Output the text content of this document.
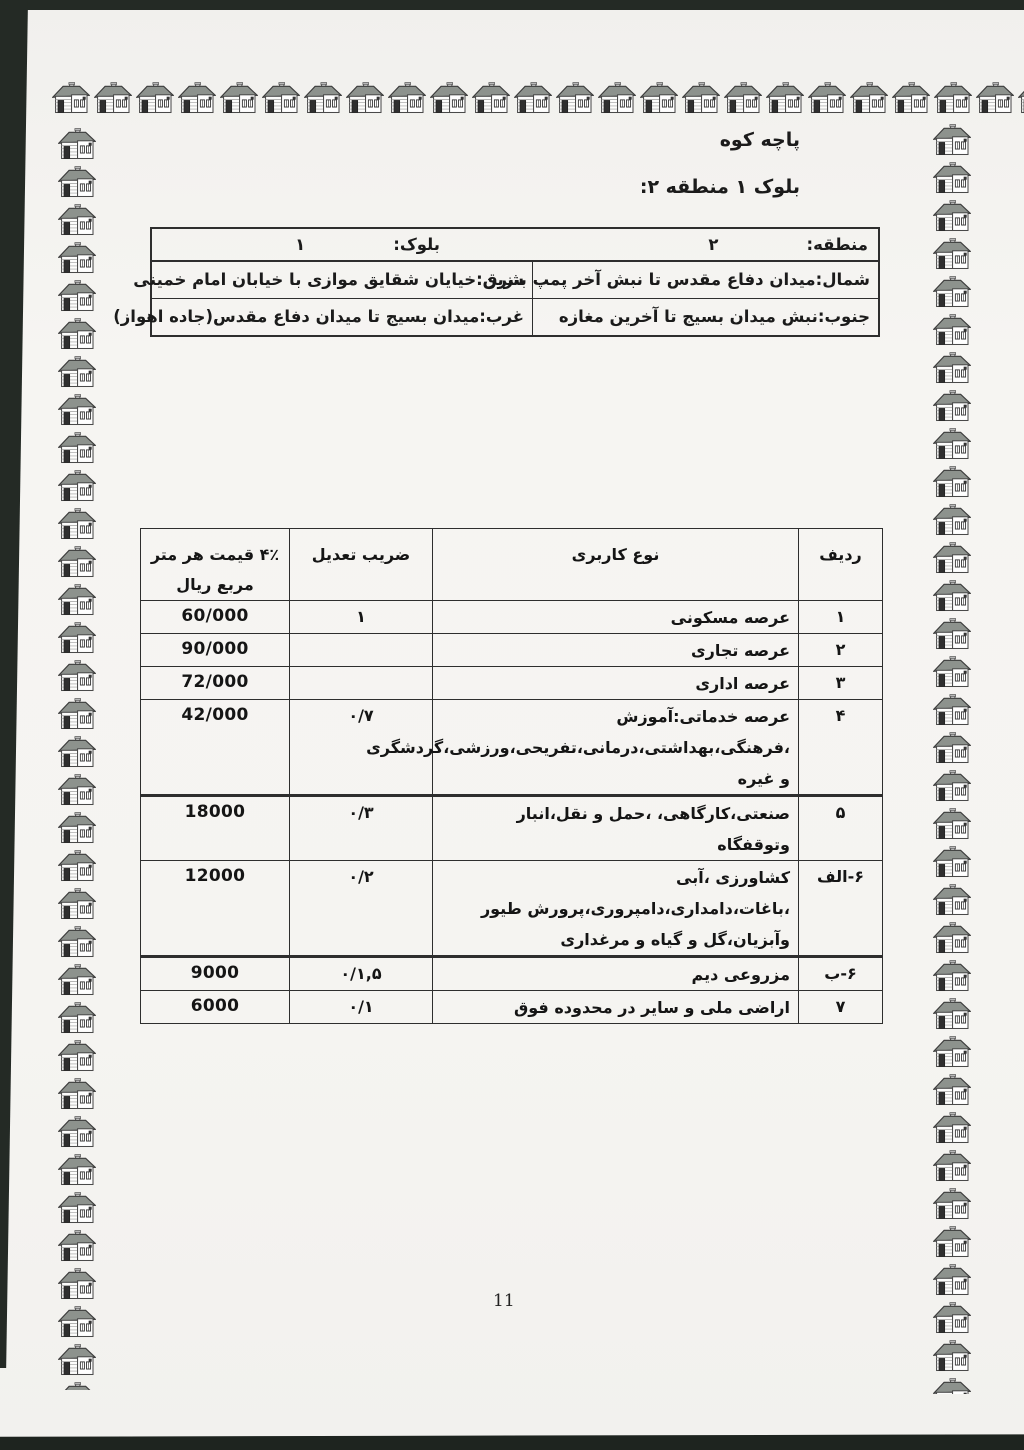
پاچه کوه
بلوک ۱ منطقه ۲:
منطقه:۲
بلوک:۱
شمال:میدان دفاع مقدس تا نبش آخر پمپ بنزین
شرق:خیایان شقایق موازی با خیابان امام خمینی
جنوب:نبش میدان بسیج تا آخرین مغازه
غرب:میدان بسیج تا میدان دفاع مقدس(جاده اهواز)
ردیف	نوع کاربری	ضریب تعدیل	۴٪ قیمت هر متر مربع ریال
۱	عرصه مسکونی	۱	60/000
۲	عرصه تجاری		90/000
۳	عرصه اداری		72/000
۴	عرصه خدماتی:آموزش ،فرهنگی،بهداشتی،درمانی،تفریحی،ورزشی،گردشگری و غیره	۰/۷	42/000
۵	صنعتی،کارگاهی، ،حمل و نقل،انبار وتوقفگاه	۰/۳	18000
۶-الف	کشاورزی ،آبی ،باغات،دامداری،دامپروری،پرورش طیور وآبزیان،گل و گیاه و مرغداری	۰/۲	12000
۶-ب	مزروعی دیم	۰/۱,۵	9000
۷	اراضی ملی و سایر در محدوده فوق	۰/۱	6000
11
